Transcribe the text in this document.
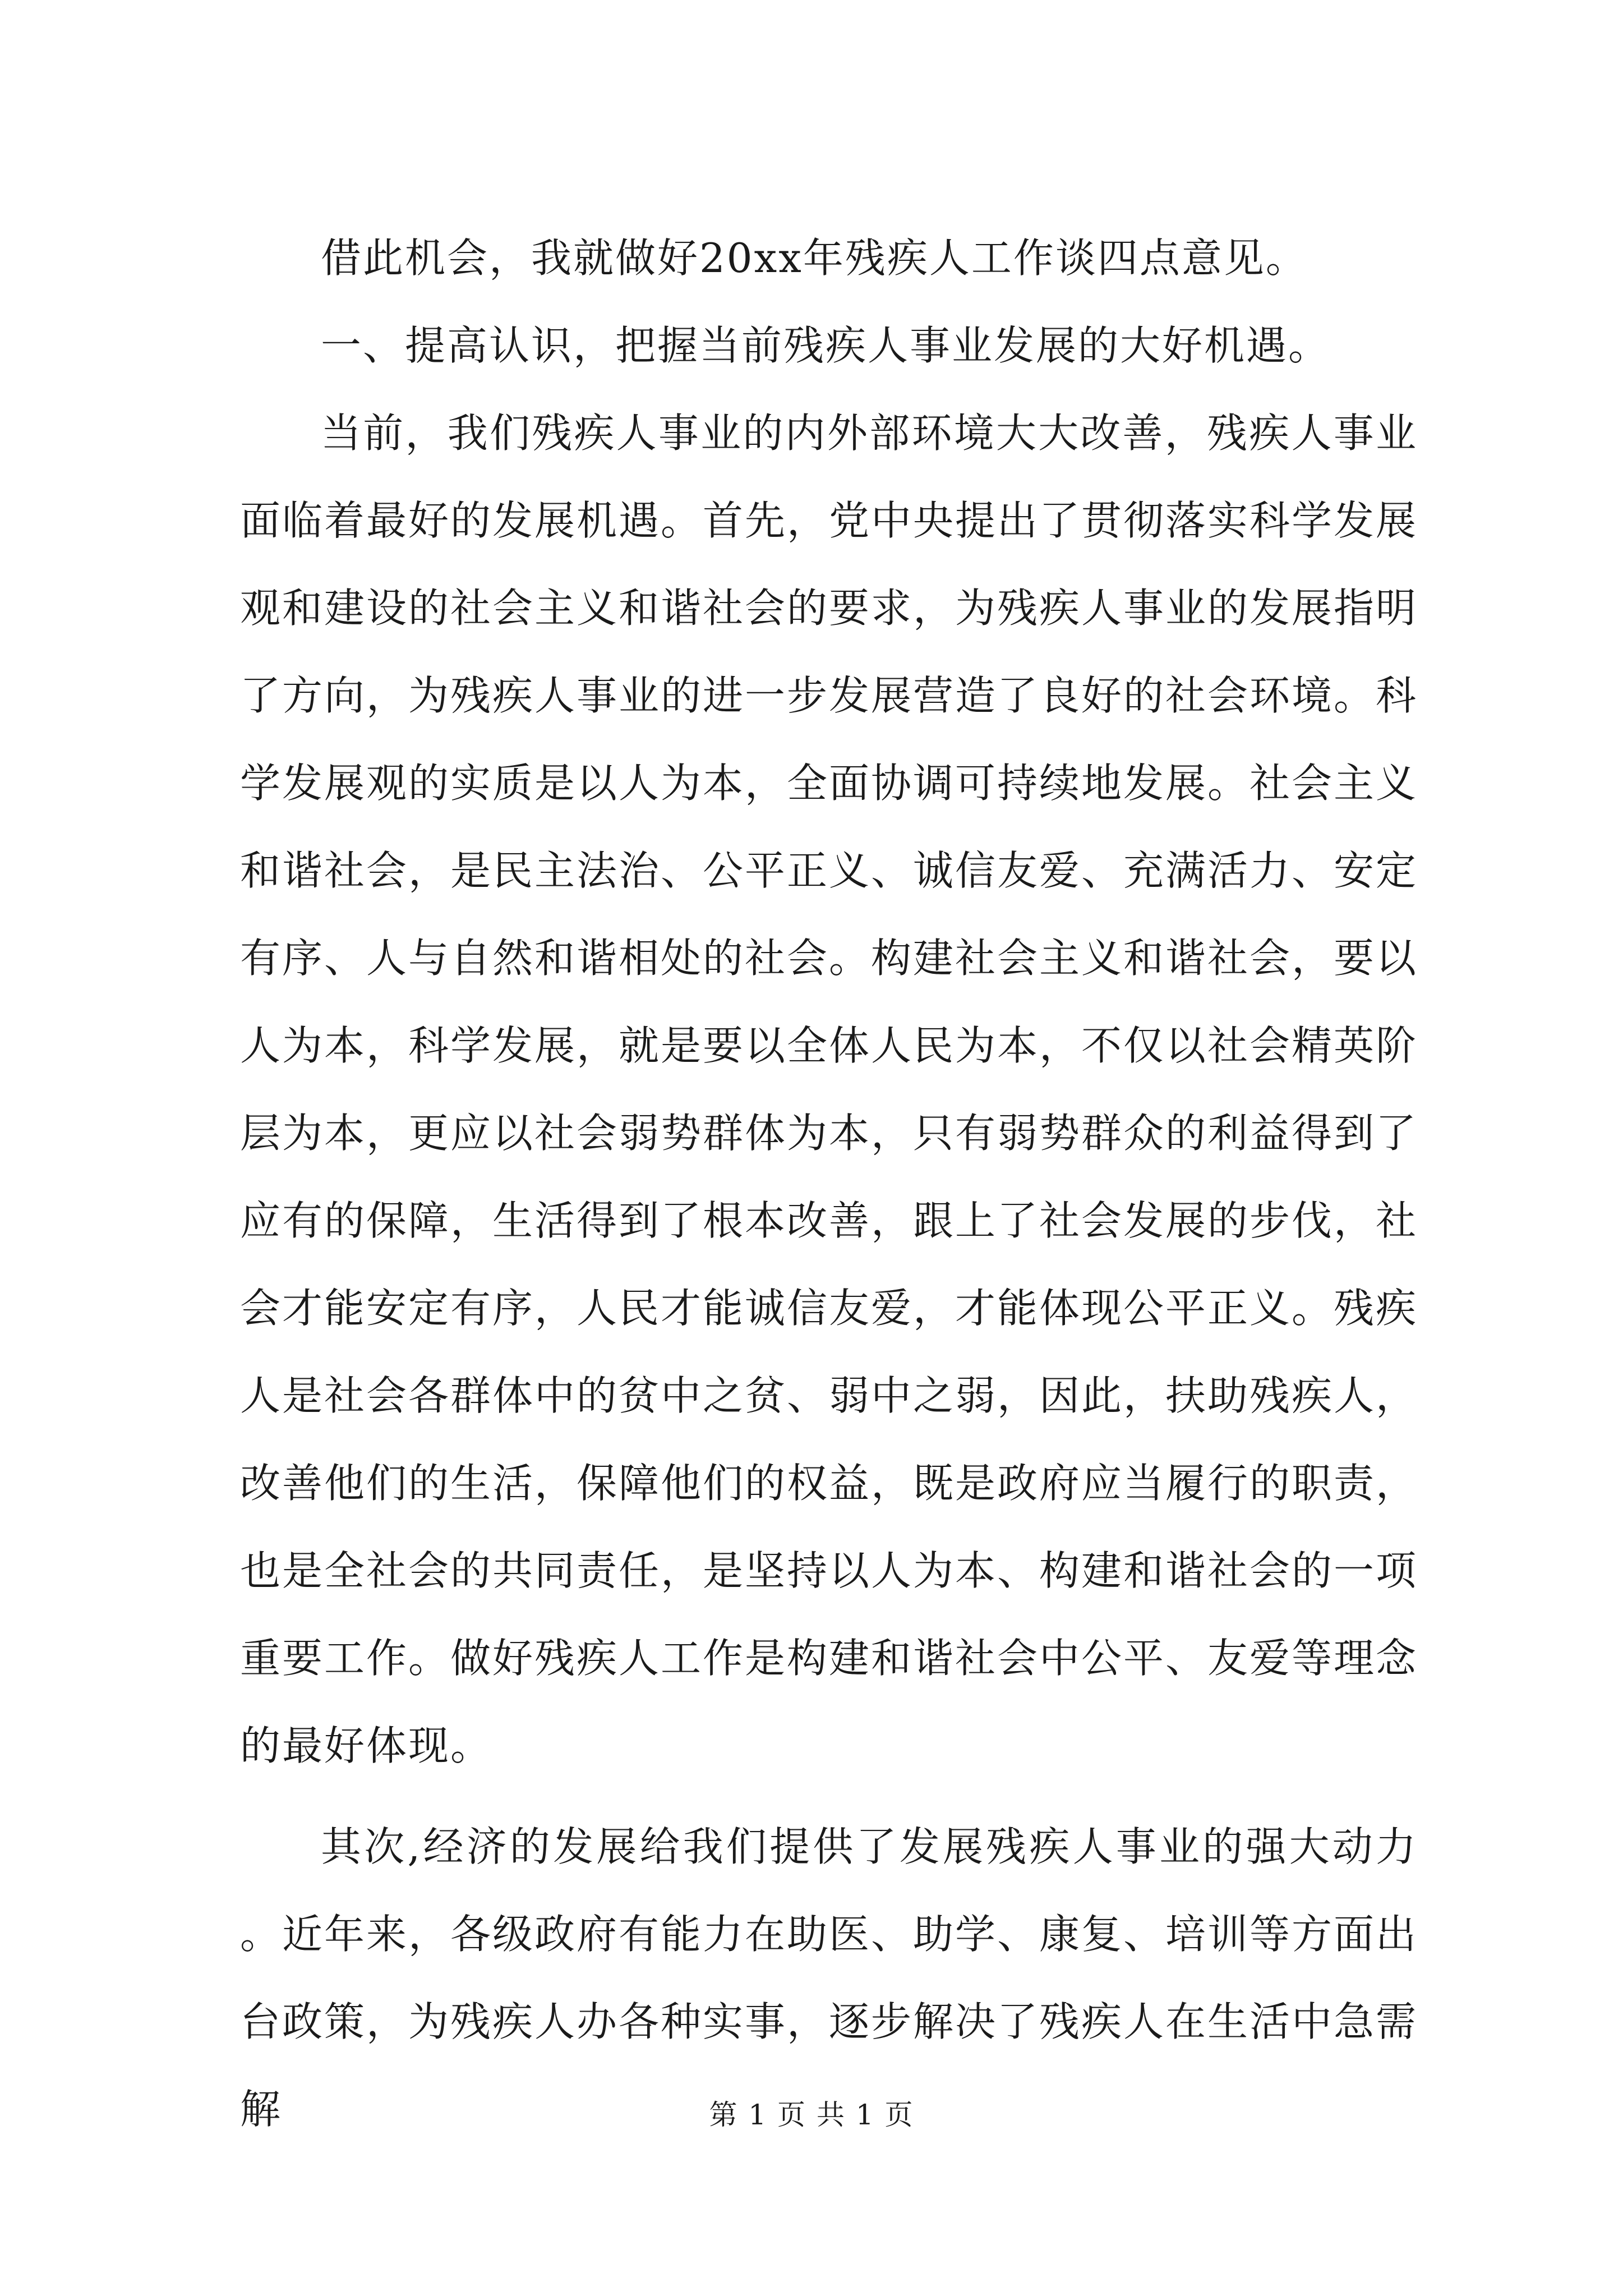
借此机会，我就做好20xx年残疾人工作谈四点意见。

一、提高认识，把握当前残疾人事业发展的大好机遇。

当前，我们残疾人事业的内外部环境大大改善，残疾人事业面临着最好的发展机遇。首先，党中央提出了贯彻落实科学发展观和建设的社会主义和谐社会的要求，为残疾人事业的发展指明了方向，为残疾人事业的进一步发展营造了良好的社会环境。科学发展观的实质是以人为本，全面协调可持续地发展。社会主义和谐社会，是民主法治、公平正义、诚信友爱、充满活力、安定有序、人与自然和谐相处的社会。构建社会主义和谐社会，要以人为本，科学发展，就是要以全体人民为本，不仅以社会精英阶层为本，更应以社会弱势群体为本，只有弱势群众的利益得到了应有的保障，生活得到了根本改善，跟上了社会发展的步伐，社会才能安定有序，人民才能诚信友爱，才能体现公平正义。残疾人是社会各群体中的贫中之贫、弱中之弱，因此，扶助残疾人，改善他们的生活，保障他们的权益，既是政府应当履行的职责，也是全社会的共同责任，是坚持以人为本、构建和谐社会的一项重要工作。做好残疾人工作是构建和谐社会中公平、友爱等理念的最好体现。

其次,经济的发展给我们提供了发展残疾人事业的强大动力。近年来，各级政府有能力在助医、助学、康复、培训等方面出台政策，为残疾人办各种实事，逐步解决了残疾人在生活中急需解	第 1 页 共 1 页
